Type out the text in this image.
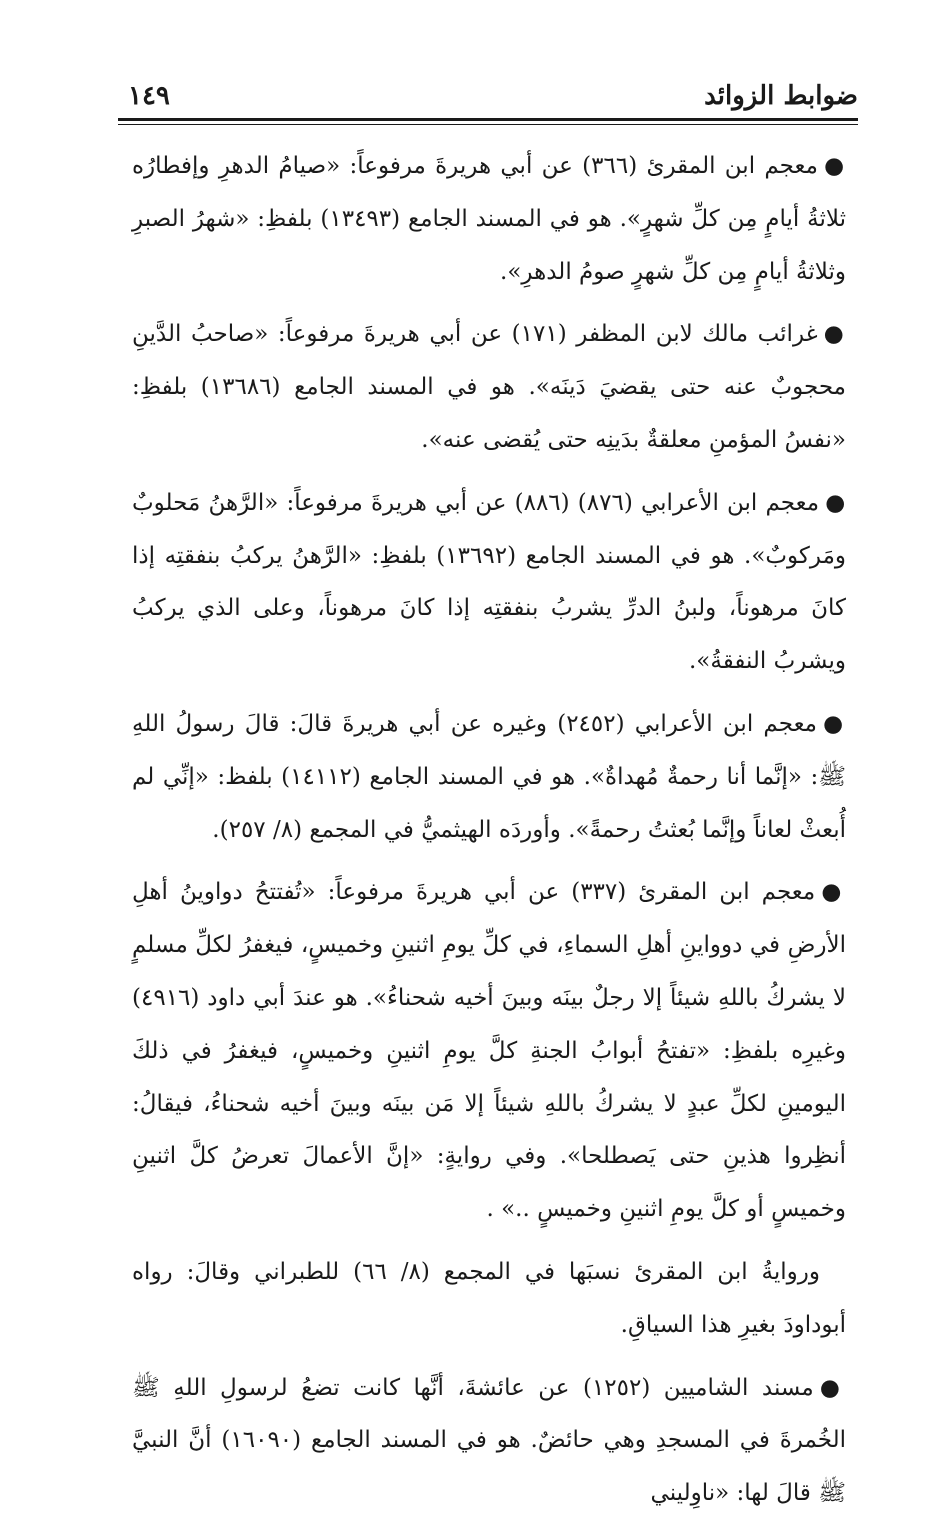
ضوابط الزوائد
١٤٩

●معجم ابن المقرئ (٣٦٦) عن أبي هريرةَ مرفوعاً: «صيامُ الدهرِ وإفطارُه ثلاثةُ أيامٍ مِن كلِّ شهرٍ». هو في المسند الجامع (١٣٤٩٣) بلفظِ: «شهرُ الصبرِ وثلاثةُ أيامٍ مِن كلِّ شهرٍ صومُ الدهرِ».

●غرائب مالك لابن المظفر (١٧١) عن أبي هريرةَ مرفوعاً: «صاحبُ الدَّينِ محجوبٌ عنه حتى يقضيَ دَينَه». هو في المسند الجامع (١٣٦٨٦) بلفظِ: «نفسُ المؤمنِ معلقةٌ بدَينِه حتى يُقضى عنه».

●معجم ابن الأعرابي (٨٧٦) (٨٨٦) عن أبي هريرةَ مرفوعاً: «الرَّهنُ مَحلوبٌ ومَركوبٌ». هو في المسند الجامع (١٣٦٩٢) بلفظِ: «الرَّهنُ يركبُ بنفقتِه إذا كانَ مرهوناً، ولبنُ الدرِّ يشربُ بنفقتِه إذا كانَ مرهوناً، وعلى الذي يركبُ ويشربُ النفقةُ».

●معجم ابن الأعرابي (٢٤٥٢) وغيره عن أبي هريرةَ قالَ: قالَ رسولُ اللهِ ﷺ: «إنَّما أنا رحمةٌ مُهداةٌ». هو في المسند الجامع (١٤١١٢) بلفظ: «إنِّي لم أُبعثْ لعاناً وإنَّما بُعثتُ رحمةً». وأوردَه الهيثميُّ في المجمع (٨/ ٢٥٧).

●معجم ابن المقرئ (٣٣٧) عن أبي هريرةَ مرفوعاً: «تُفتتحُ دواوينُ أهلِ الأرضِ في دوواينِ أهلِ السماءِ، في كلِّ يومِ اثنينِ وخميسٍ، فيغفرُ لكلِّ مسلمٍ لا يشركُ باللهِ شيئاً إلا رجلٌ بينَه وبينَ أخيه شحناءُ». هو عندَ أبي داود (٤٩١٦) وغيرِه بلفظِ: «تفتحُ أبوابُ الجنةِ كلَّ يومِ اثنينِ وخميسٍ، فيغفرُ في ذلكَ اليومينِ لكلِّ عبدٍ لا يشركُ باللهِ شيئاً إلا مَن بينَه وبينَ أخيه شحناءُ، فيقالُ: أنظِروا هذينِ حتى يَصطلحا». وفي روايةٍ: «إنَّ الأعمالَ تعرضُ كلَّ اثنينِ وخميسٍ أو كلَّ يومِ اثنينِ وخميسٍ ..» .

وروايةُ ابن المقرئ نسبَها في المجمع (٨/ ٦٦) للطبراني وقالَ: رواه أبوداودَ بغيرِ هذا السياقِ.

●مسند الشاميين (١٢٥٢) عن عائشةَ، أنَّها كانت تضعُ لرسولِ اللهِ ﷺ الخُمرةَ في المسجدِ وهي حائضٌ. هو في المسند الجامع (١٦٠٩٠) أنَّ النبيَّ ﷺ قالَ لها: «ناوِليني
